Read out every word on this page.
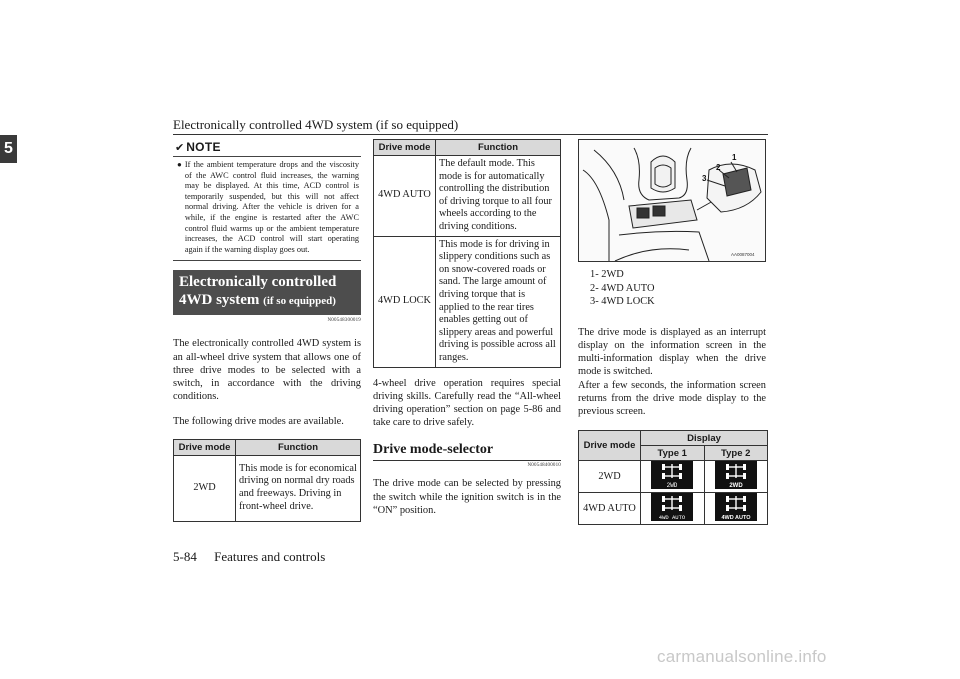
Electronically controlled 4WD system (if so equipped)
5
5-84 Features and controls
✔ NOTE
● If the ambient temperature drops and the viscosity of the AWC control fluid increases, the warning may be displayed. At this time, ACD control is temporarily suspended, but this will not affect normal driving. After the vehicle is driven for a while, if the engine is restarted after the AWC control fluid warms up or the ambient temperature increases, the ACD control will start operating again if the warning display goes out.

Electronically controlled
4WD system (if so equipped)
N00548300019

The electronically controlled 4WD system is an all-wheel drive system that allows one of three drive modes to be selected with a switch, in accordance with the driving conditions.

The following drive modes are available.

Drive mode	Function
2WD	This mode is for economical driving on normal dry roads and freeways. Driving in front-wheel drive.
Drive mode	Function
4WD AUTO	The default mode. This mode is for automatically controlling the distribution of driving torque to all four wheels according to the driving conditions.
4WD LOCK	This mode is for driving in slippery conditions such as on snow-covered roads or sand. The large amount of driving torque that is applied to the rear tires enables getting out of slippery areas and powerful driving is possible across all ranges.

4-wheel drive operation requires special driving skills. Carefully read the “All-wheel driving operation” section on page 5-86 and take care to drive safely.

Drive mode-selector
N00548400010

The drive mode can be selected by pressing the switch while the ignition switch is in the “ON” position.

1
2
3
AA0087004
1- 2WD
2- 4WD AUTO
3- 4WD LOCK

The drive mode is displayed as an interrupt display on the information screen in the multi-information display when the drive mode is switched.

After a few seconds, the information screen returns from the drive mode display to the previous screen.

Drive mode	Display	
	Type 1	Type 2
2WD	2WD	2WD

4WD AUTO	4WD AUTO	4WD AUTO
carmanualsonline.info
